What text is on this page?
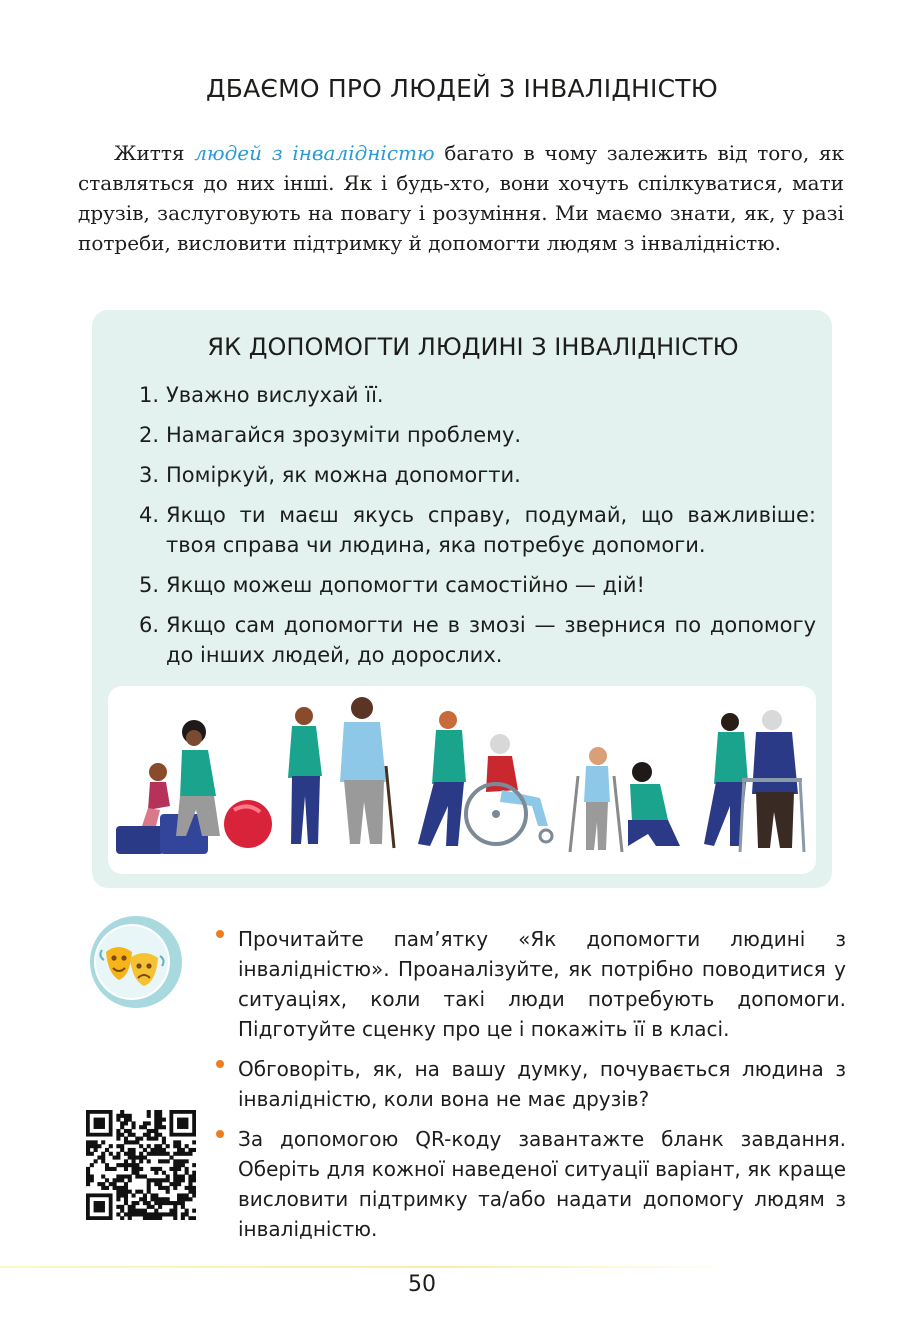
ДБАЄМО ПРО ЛЮДЕЙ З ІНВАЛІДНІСТЮ

Життя людей з інвалідністю багато в чому залежить від того, як ставляться до них інші. Як і будь-хто, вони хочуть спілкуватися, мати друзів, заслуговують на повагу і розуміння. Ми маємо знати, як, у разі потреби, висловити підтримку й допомогти людям з інвалідністю.

ЯК ДОПОМОГТИ ЛЮДИНІ З ІНВАЛІДНІСТЮ
1. Уважно вислухай її.
2. Намагайся зрозуміти проблему.
3. Поміркуй, як можна допомогти.
4. Якщо ти маєш якусь справу, подумай, що важливіше: твоя справа чи людина, яка потребує допомоги.
5. Якщо можеш допомогти самостійно — дій!
6. Якщо сам допомогти не в змозі — звернися по допомогу до інших людей, до дорослих.
Прочитайте пам’ятку «Як допомогти людині з інвалідністю». Проаналізуйте, як потрібно поводитися у ситуаціях, коли такі люди потребують допомоги. Підготуйте сценку про це і покажіть її в класі.
Обговоріть, як, на вашу думку, почувається людина з інвалідністю, коли вона не має друзів?
За допомогою QR-коду завантажте бланк завдання. Оберіть для кожної наведеної ситуації варіант, як краще висловити підтримку та/або надати допомогу людям з інвалідністю.
50
